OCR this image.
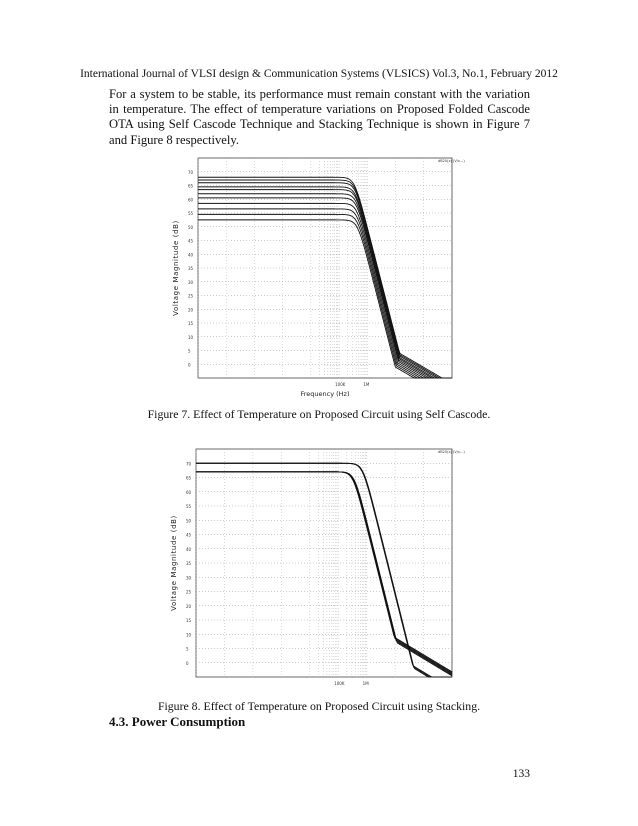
International Journal of VLSI design & Communication Systems (VLSICS) Vol.3, No.1, February 2012

For a system to be stable, its performance must remain constant with the variation in temperature. The effect of temperature variations on Proposed Folded Cascode OTA using Self Cascode Technique and Stacking Technique is shown in Figure 7 and Figure 8 respectively.

0
5
10
15
20
25
30
35
40
45
50
55
60
65
70
100K	1M
dB20(x) (V/x...)
Voltage Magnitude (dB)
Frequency (Hz)
Figure 7. Effect of Temperature on Proposed Circuit using Self Cascode.
0
5
10
15
20
25
30
35
40
45
50
55
60
65
70
100K	1M
dB20(x) (V/x...)
Voltage Magnitude (dB)
Figure 8. Effect of Temperature on Proposed Circuit using Stacking.
4.3. Power Consumption
133
